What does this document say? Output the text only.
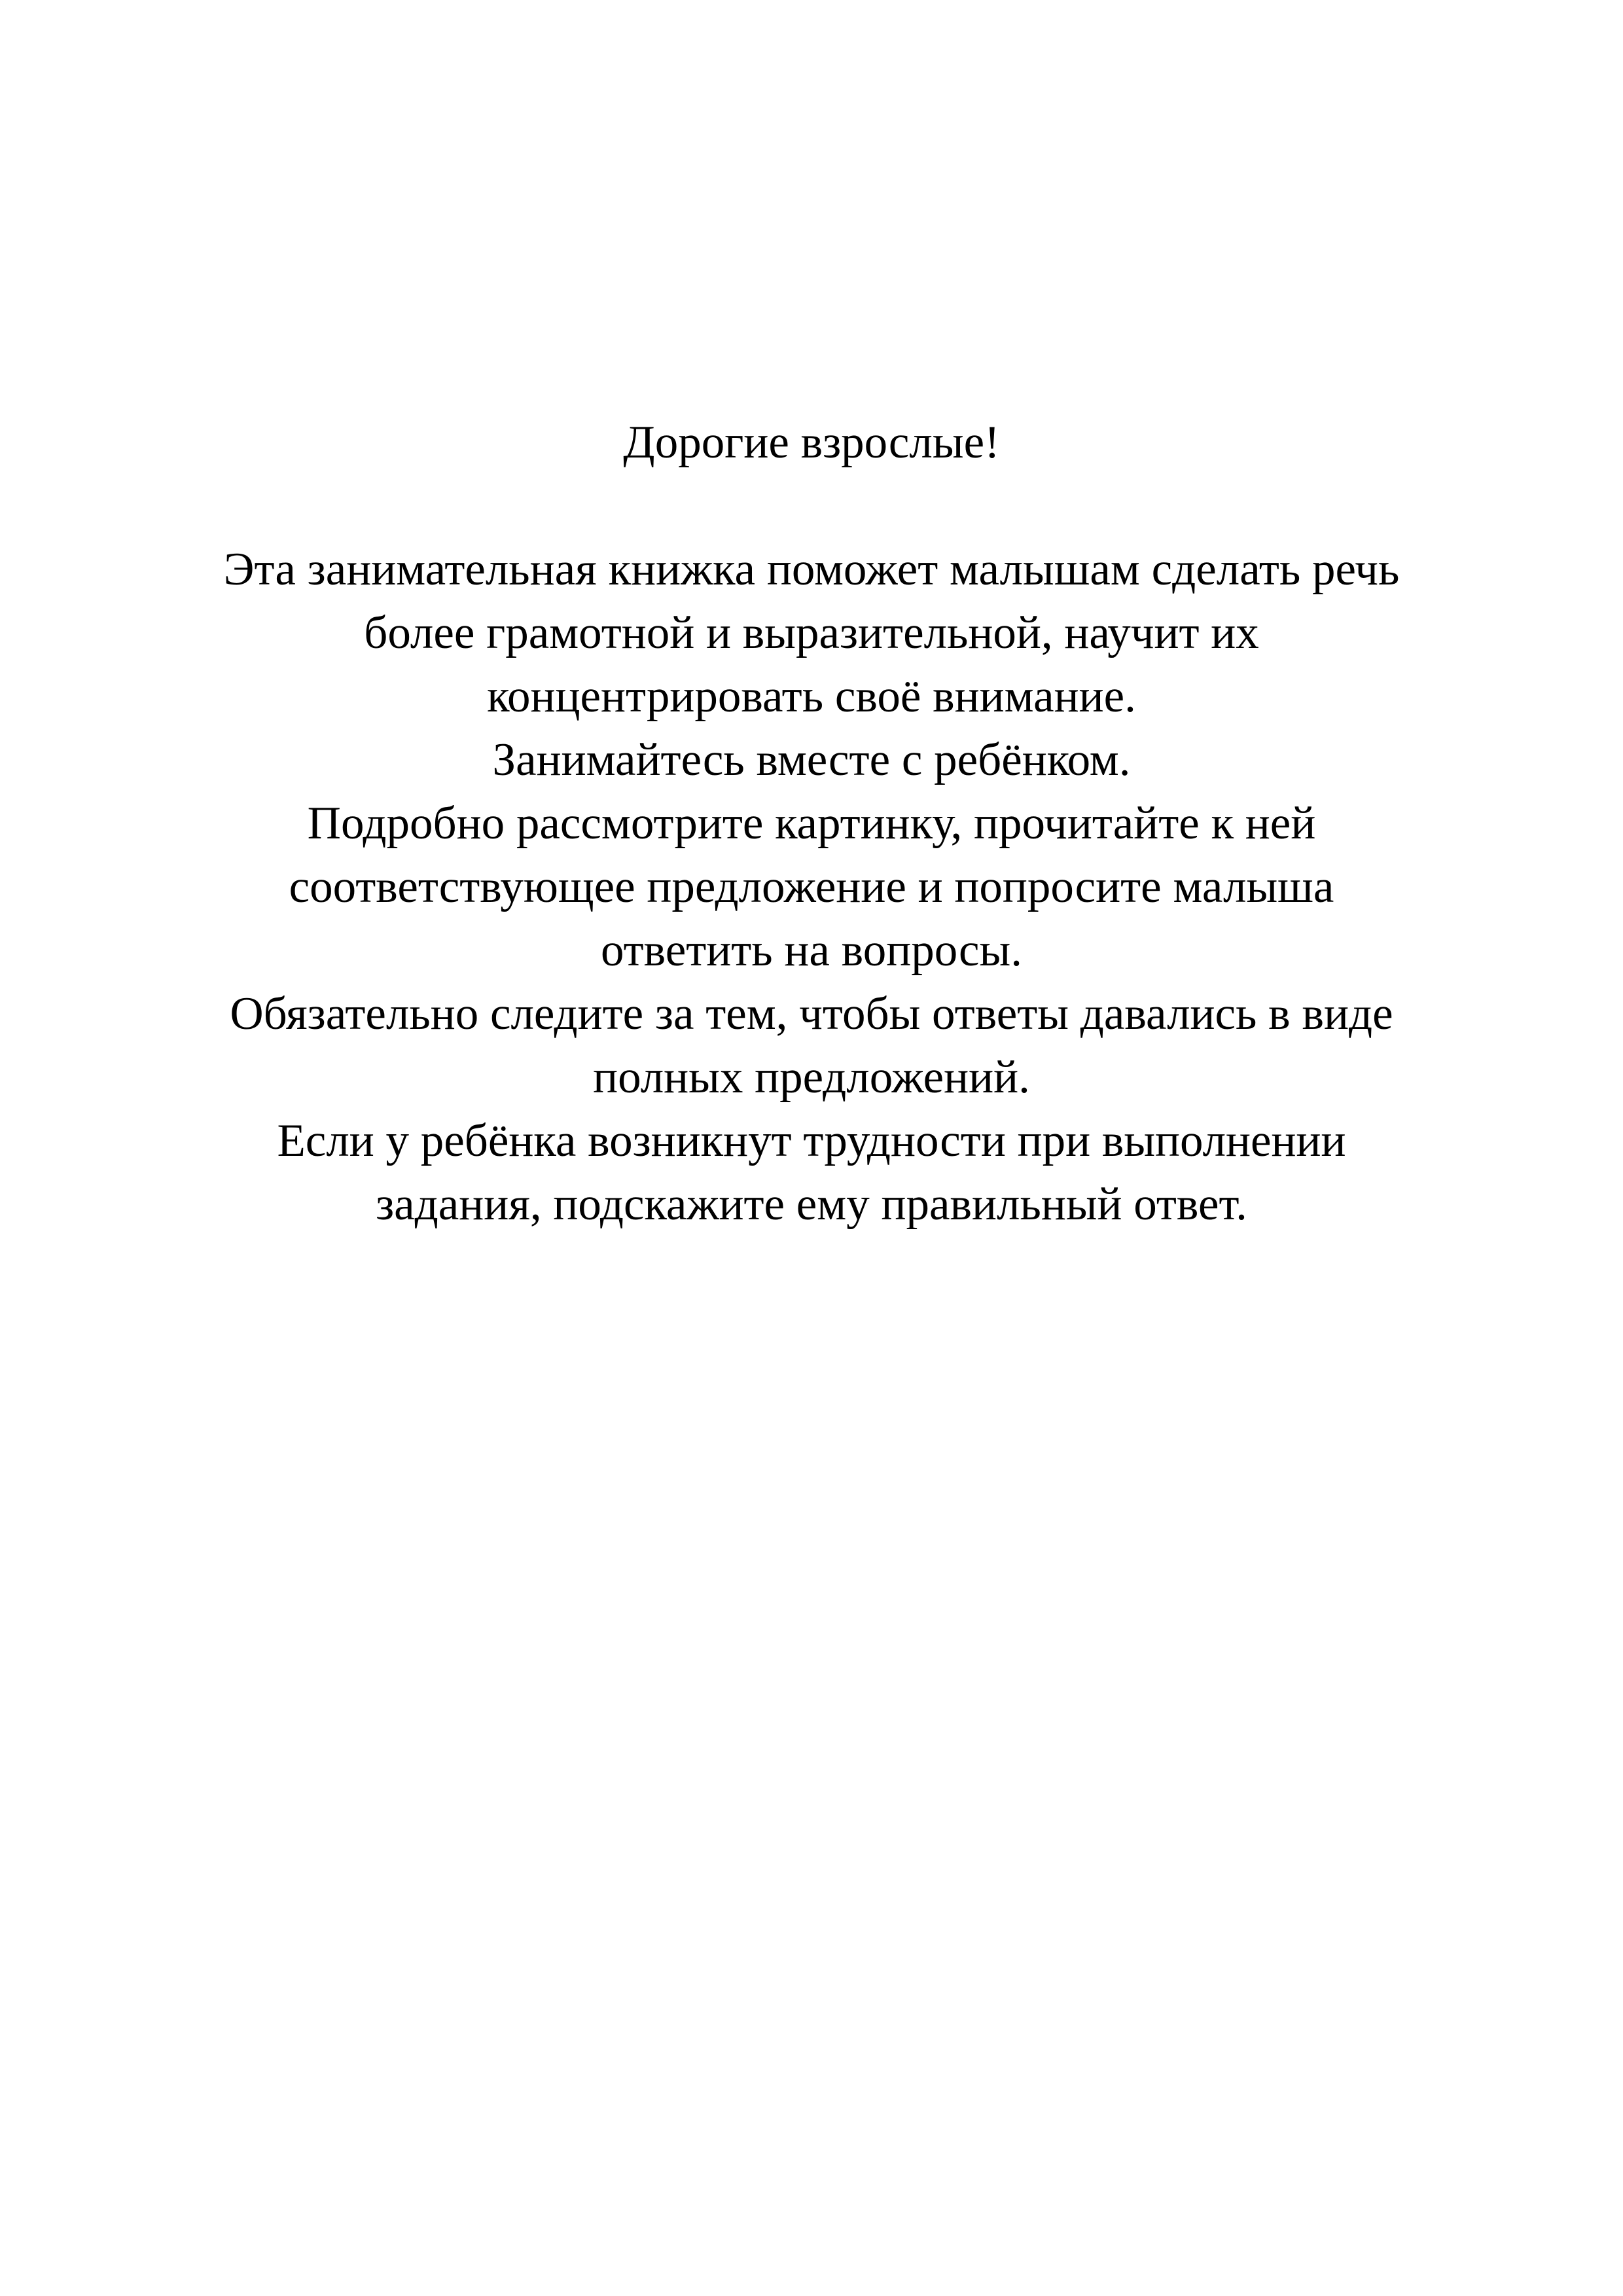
Дорогие взрослые!
Эта занимательная книжка поможет малышам сделать речь
более грамотной и выразительной, научит их
концентрировать своё внимание.
Занимайтесь вместе с ребёнком.
Подробно рассмотрите картинку, прочитайте к ней
соответствующее предложение и попросите малыша
ответить на вопросы.
Обязательно следите за тем, чтобы ответы давались в виде
полных предложений.
Если у ребёнка возникнут трудности при выполнении
задания, подскажите ему правильный ответ.
